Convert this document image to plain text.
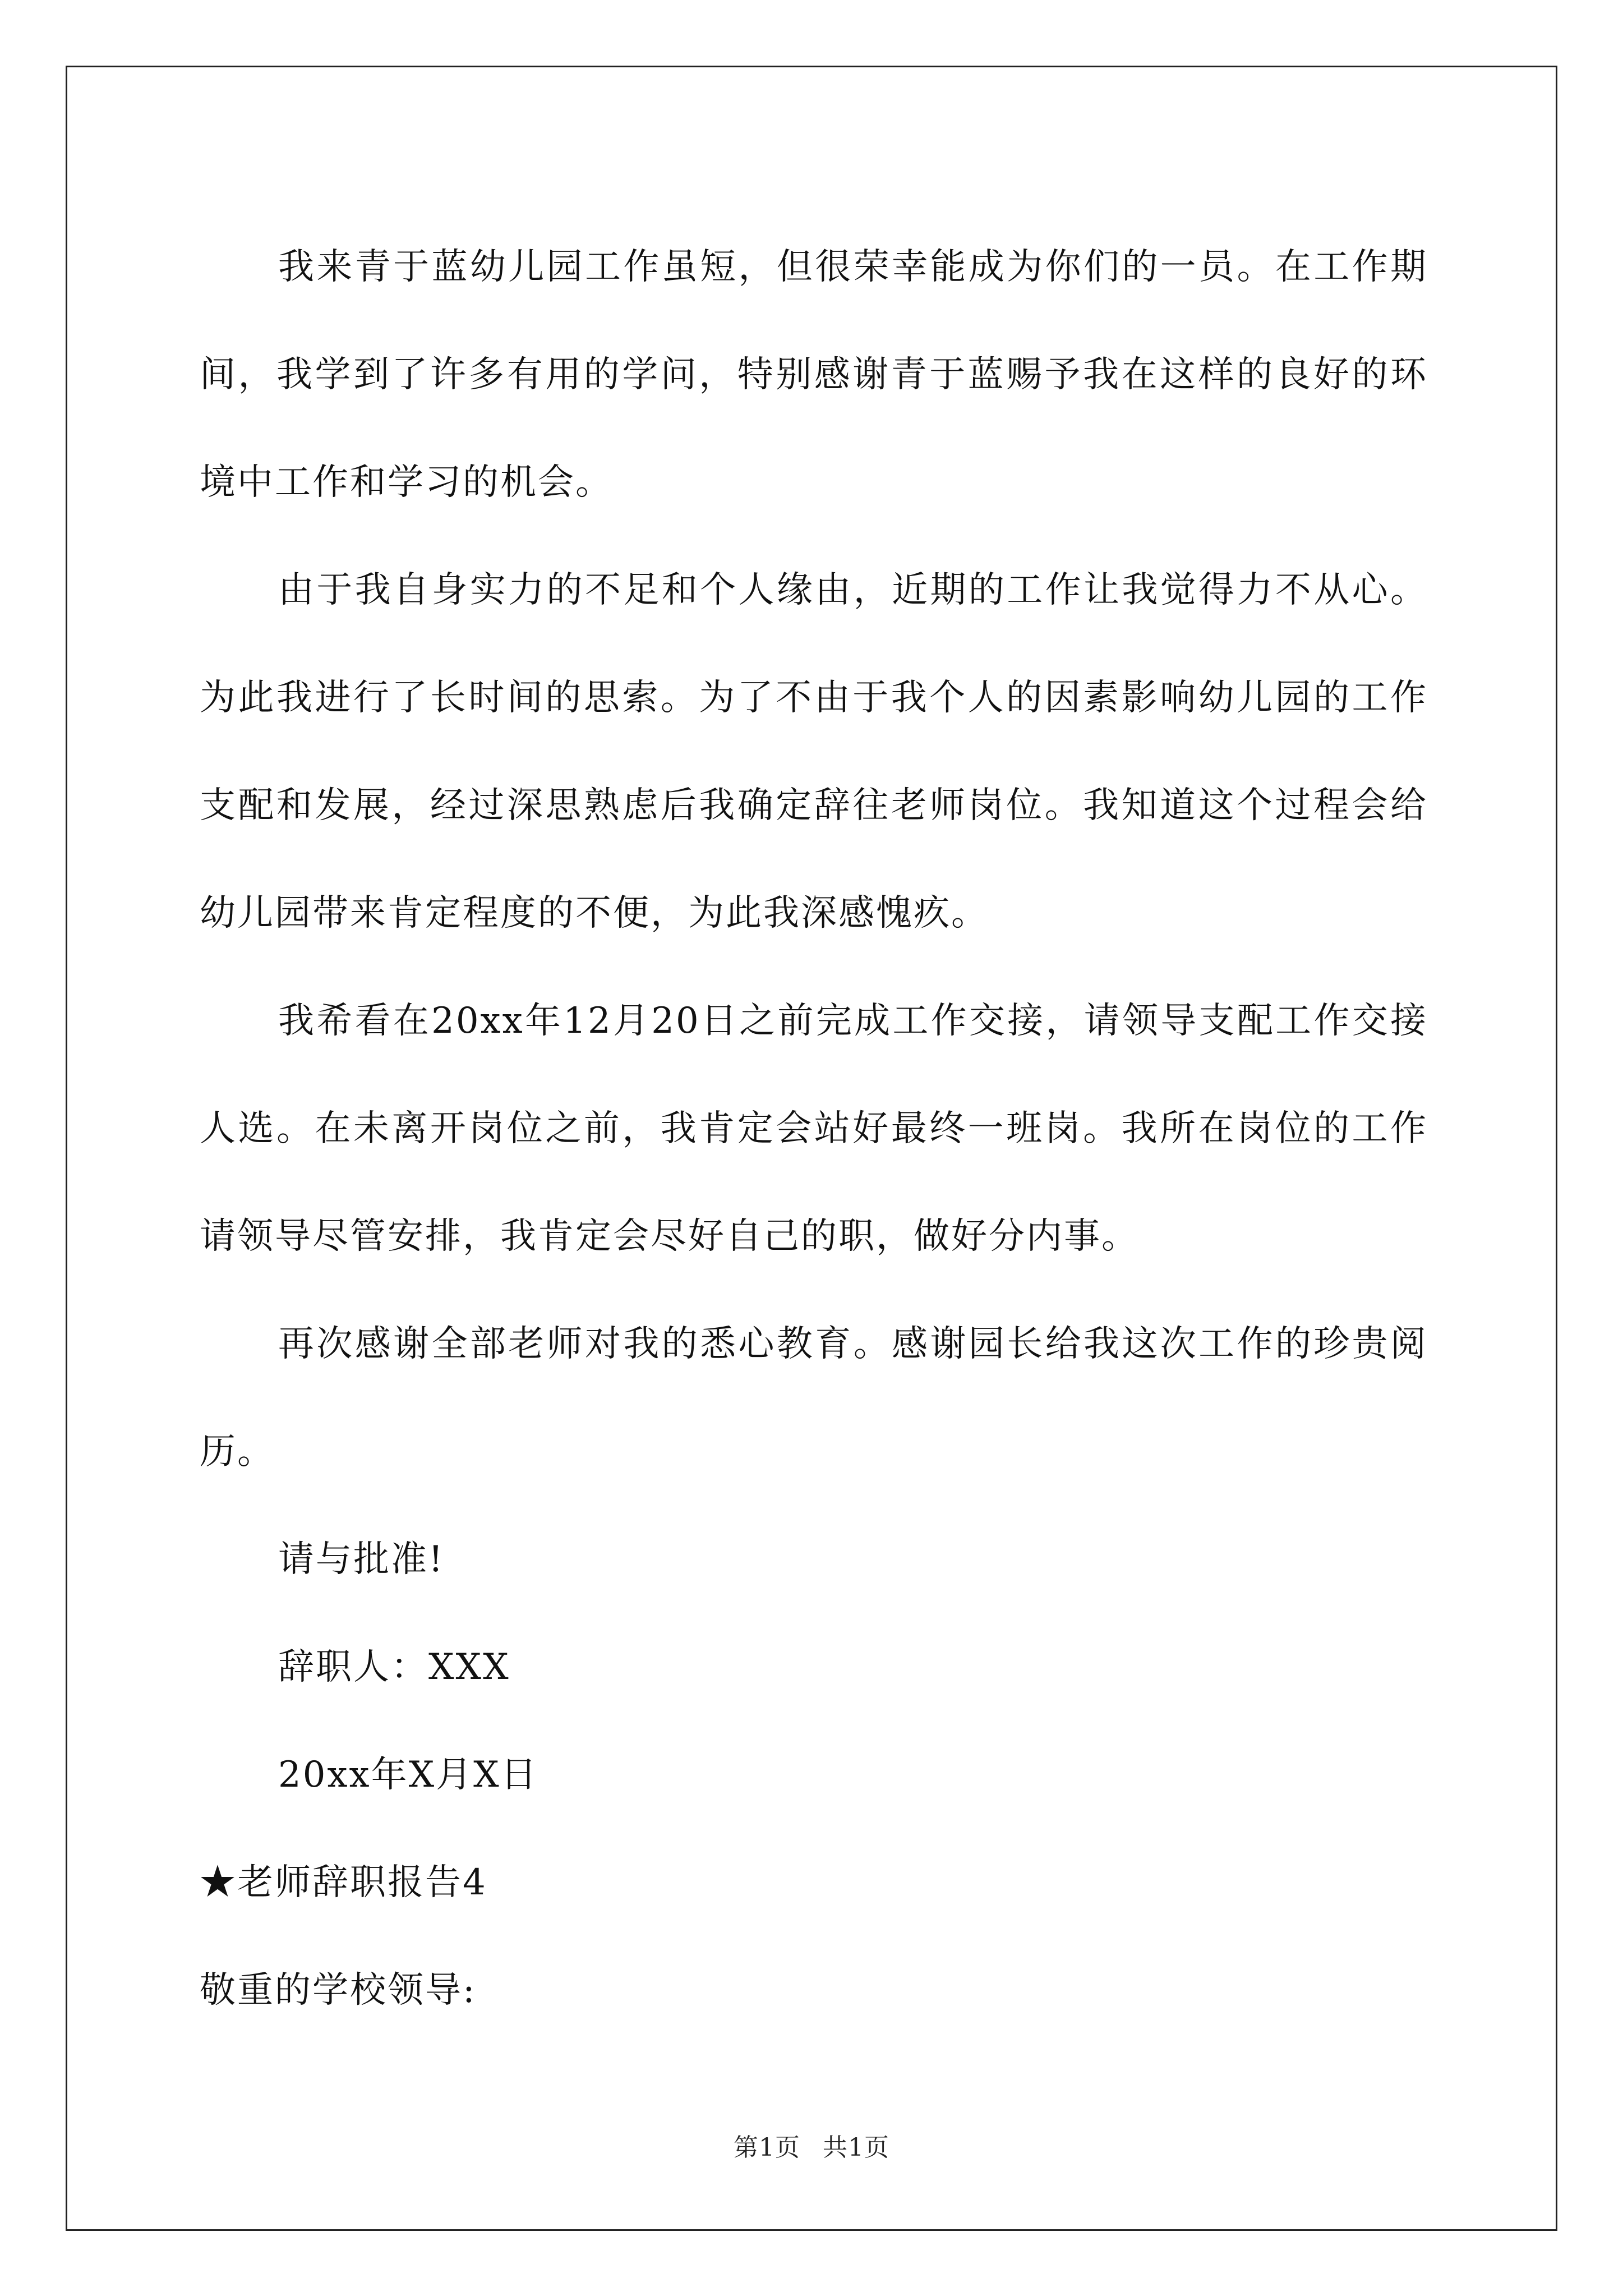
我来青于蓝幼儿园工作虽短，但很荣幸能成为你们的一员。在工作期间，我学到了许多有用的学问，特别感谢青于蓝赐予我在这样的良好的环境中工作和学习的机会。

由于我自身实力的不足和个人缘由，近期的工作让我觉得力不从心。为此我进行了长时间的思索。为了不由于我个人的因素影响幼儿园的工作支配和发展，经过深思熟虑后我确定辞往老师岗位。我知道这个过程会给幼儿园带来肯定程度的不便，为此我深感愧疚。

我希看在20xx年12月20日之前完成工作交接，请领导支配工作交接人选。在未离开岗位之前，我肯定会站好最终一班岗。我所在岗位的工作请领导尽管安排，我肯定会尽好自己的职，做好分内事。

再次感谢全部老师对我的悉心教育。感谢园长给我这次工作的珍贵阅历。

请与批准!

辞职人：XXX

20xx年X月X日

★老师辞职报告4

敬重的学校领导:

第1页 共1页
